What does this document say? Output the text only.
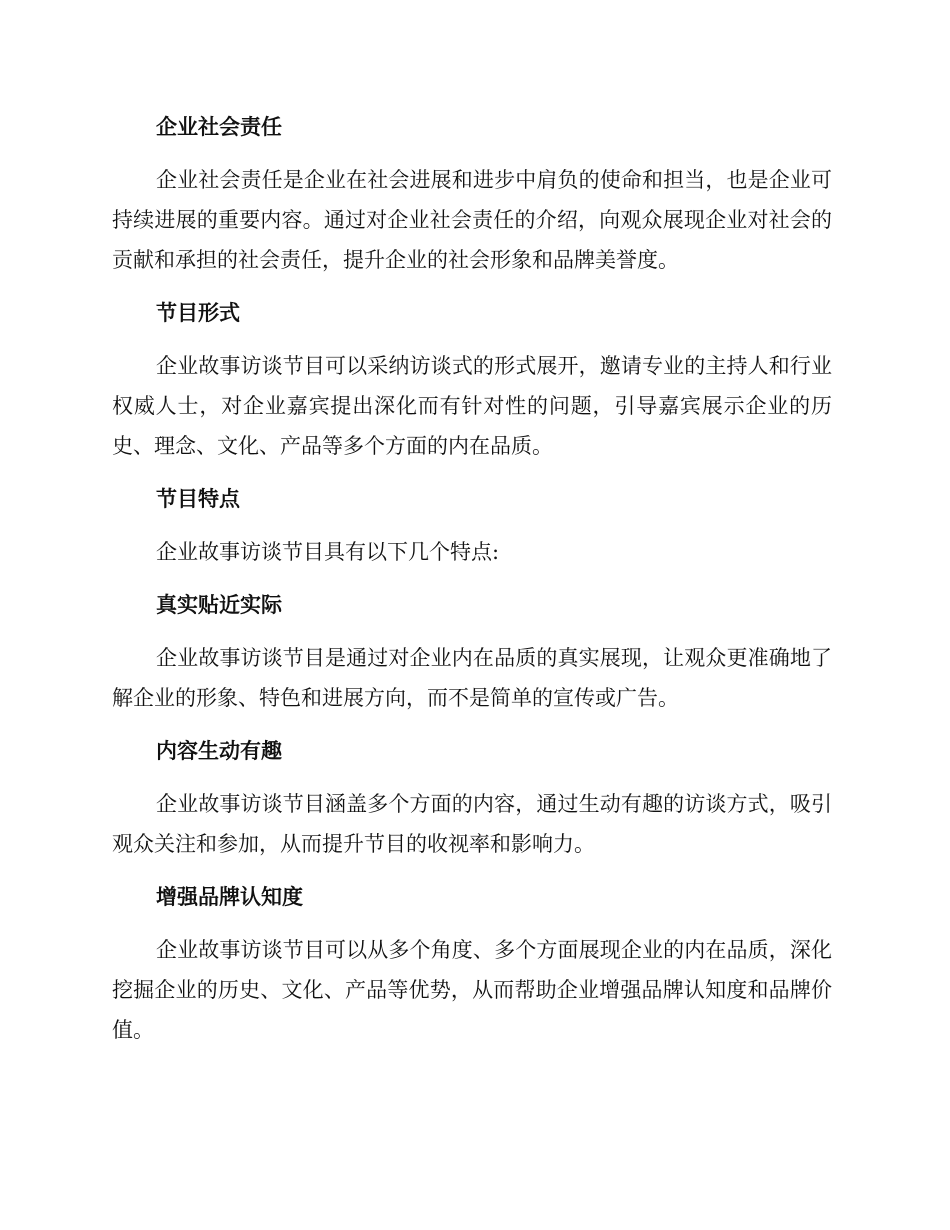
企业社会责任

企业社会责任是企业在社会进展和进步中肩负的使命和担当，也是企业可持续进展的重要内容。通过对企业社会责任的介绍，向观众展现企业对社会的贡献和承担的社会责任，提升企业的社会形象和品牌美誉度。

节目形式

企业故事访谈节目可以采纳访谈式的形式展开，邀请专业的主持人和行业权威人士，对企业嘉宾提出深化而有针对性的问题，引导嘉宾展示企业的历史、理念、文化、产品等多个方面的内在品质。

节目特点

企业故事访谈节目具有以下几个特点:

真实贴近实际

企业故事访谈节目是通过对企业内在品质的真实展现，让观众更准确地了解企业的形象、特色和进展方向，而不是简单的宣传或广告。

内容生动有趣

企业故事访谈节目涵盖多个方面的内容，通过生动有趣的访谈方式，吸引观众关注和参加，从而提升节目的收视率和影响力。

增强品牌认知度

企业故事访谈节目可以从多个角度、多个方面展现企业的内在品质，深化挖掘企业的历史、文化、产品等优势，从而帮助企业增强品牌认知度和品牌价值。
